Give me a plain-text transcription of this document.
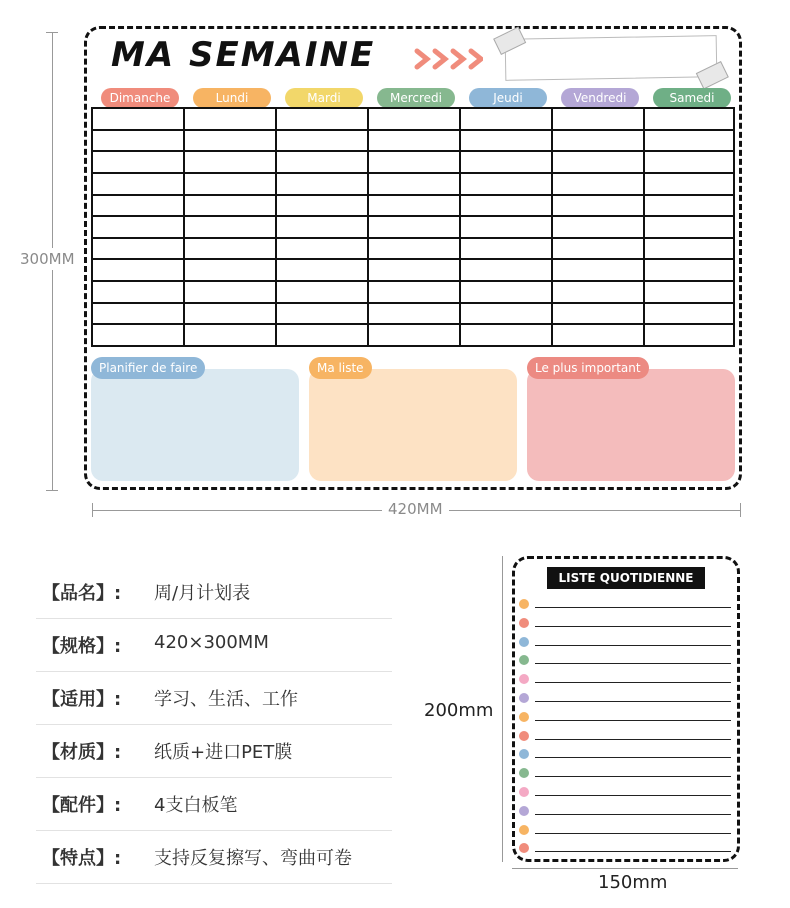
300MM
420MM
MA SEMAINE
Dimanche	Lundi	Mardi	Mercredi	Jeudi	Vendredi	Samedi
Planifier de faire	Ma liste	Le plus important
【品名】: 周/月计划表
【规格】: 420×300MM
【适用】: 学习、生活、工作
【材质】: 纸质+进口PET膜
【配件】: 4支白板笔
【特点】: 支持反复擦写、弯曲可卷
200mm
150mm
LISTE QUOTIDIENNE
